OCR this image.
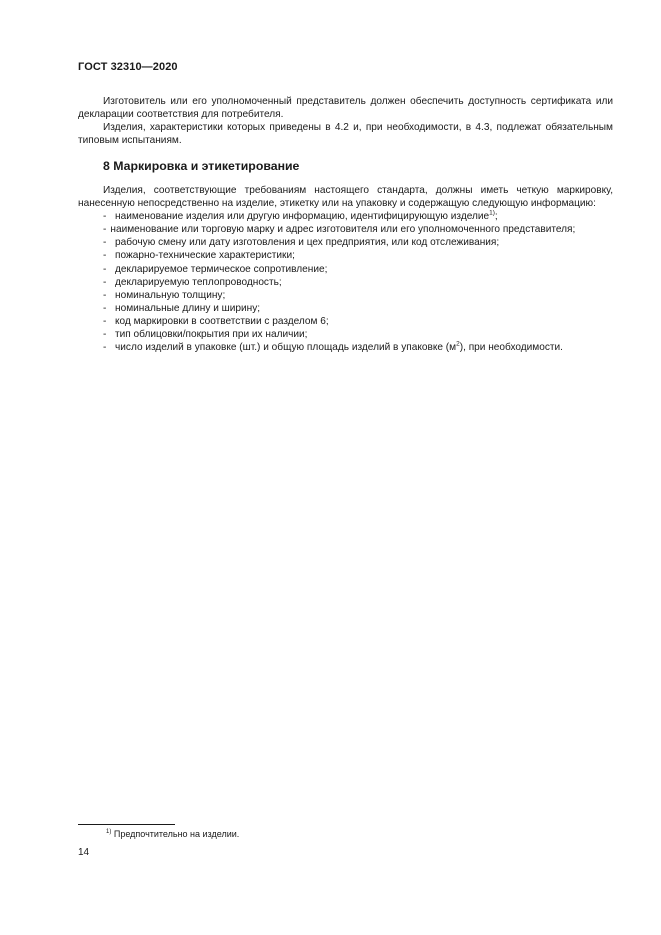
ГОСТ 32310—2020

Изготовитель или его уполномоченный представитель должен обеспечить доступность сертификата или декларации соответствия для потребителя.

Изделия, характеристики которых приведены в 4.2 и, при необходимости, в 4.3, подлежат обязательным типовым испытаниям.

8 Маркировка и этикетирование

Изделия, соответствующие требованиям настоящего стандарта, должны иметь четкую маркировку, нанесенную непосредственно на изделие, этикетку или на упаковку и содержащую следующую информацию:

- наименование изделия или другую информацию, идентифицирующую изделие$^{1)}$;
- наименование или торговую марку и адрес изготовителя или его уполномоченного представителя;
- рабочую смену или дату изготовления и цех предприятия, или код отслеживания;
- пожарно-технические характеристики;
- декларируемое термическое сопротивление;
- декларируемую теплопроводность;
- номинальную толщину;
- номинальные длину и ширину;
- код маркировки в соответствии с разделом 6;
- тип облицовки/покрытия при их наличии;
- число изделий в упаковке (шт.) и общую площадь изделий в упаковке $(м^2)$, при необходимости.
$^{1)}$ Предпочтительно на изделии.
14
